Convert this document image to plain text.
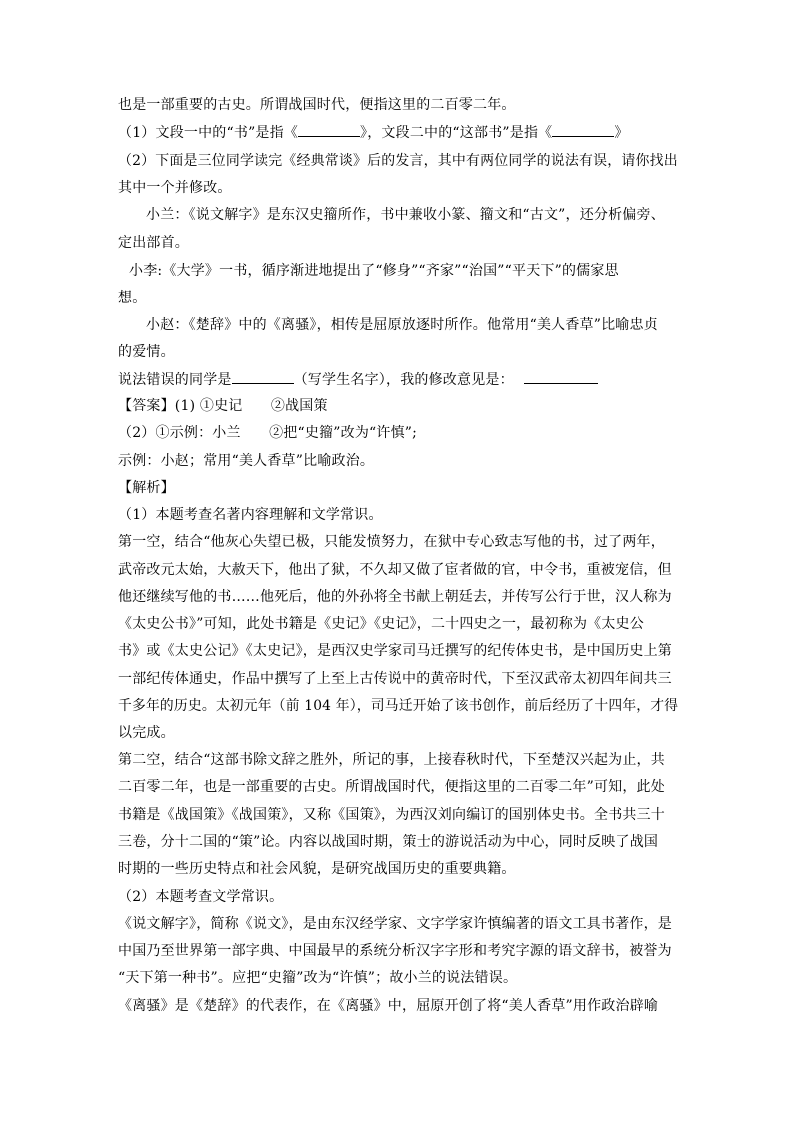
也是一部重要的古史。所谓战国时代，便指这里的二百零二年。
（1）文段一中的“书”是指《	》，文段二中的“这部书”是指《	》
（2）下面是三位同学读完《经典常谈》后的发言，其中有两位同学的说法有误，请你找出
其中一个并修改。
小兰：《说文解字》是东汉史籀所作，书中兼收小篆、籀文和“古文”，还分析偏旁、
定出部首。
小李:《大学》一书，循序渐进地提出了“修身”“齐家”“治国”“平天下”的儒家思
想。
小赵：《楚辞》中的《离骚》，相传是屈原放逐时所作。他常用“美人香草”比喻忠贞
的爱情。
说法错误的同学是	（写学生名字），我的修改意见是：
【答案】(1) ①史记　　②战国策
（2）①示例：小兰　　②把“史籀”改为“许慎”;
示例：小赵；常用“美人香草”比喻政治。
【解析】
（1）本题考查名著内容理解和文学常识。
第一空，结合“他灰心失望已极，只能发愤努力，在狱中专心致志写他的书，过了两年，
武帝改元太始，大赦天下，他出了狱，不久却又做了宦者做的官，中令书，重被宠信，但
他还继续写他的书……他死后，他的外孙将全书献上朝廷去，并传写公行于世，汉人称为
《太史公书》”可知，此处书籍是《史记》《史记》，二十四史之一，最初称为《太史公
书》或《太史公记》《太史记》，是西汉史学家司马迁撰写的纪传体史书，是中国历史上第
一部纪传体通史，作品中撰写了上至上古传说中的黄帝时代，下至汉武帝太初四年间共三
千多年的历史。太初元年（前 104 年），司马迁开始了该书创作，前后经历了十四年，才得
以完成。
第二空，结合“这部书除文辞之胜外，所记的事，上接春秋时代，下至楚汉兴起为止，共
二百零二年，也是一部重要的古史。所谓战国时代，便指这里的二百零二年”可知，此处
书籍是《战国策》《战国策》，又称《国策》，为西汉刘向编订的国别体史书。全书共三十
三卷，分十二国的“策”论。内容以战国时期，策士的游说活动为中心，同时反映了战国
时期的一些历史特点和社会风貌，是研究战国历史的重要典籍。
（2）本题考查文学常识。
《说文解字》，简称《说文》，是由东汉经学家、文字学家许慎编著的语文工具书著作，是
中国乃至世界第一部字典、中国最早的系统分析汉字字形和考究字源的语文辞书，被誉为
“天下第一种书”。应把“史籀”改为“许慎”；故小兰的说法错误。
《离骚》是《楚辞》的代表作，在《离骚》中，屈原开创了将“美人香草”用作政治辟喻
